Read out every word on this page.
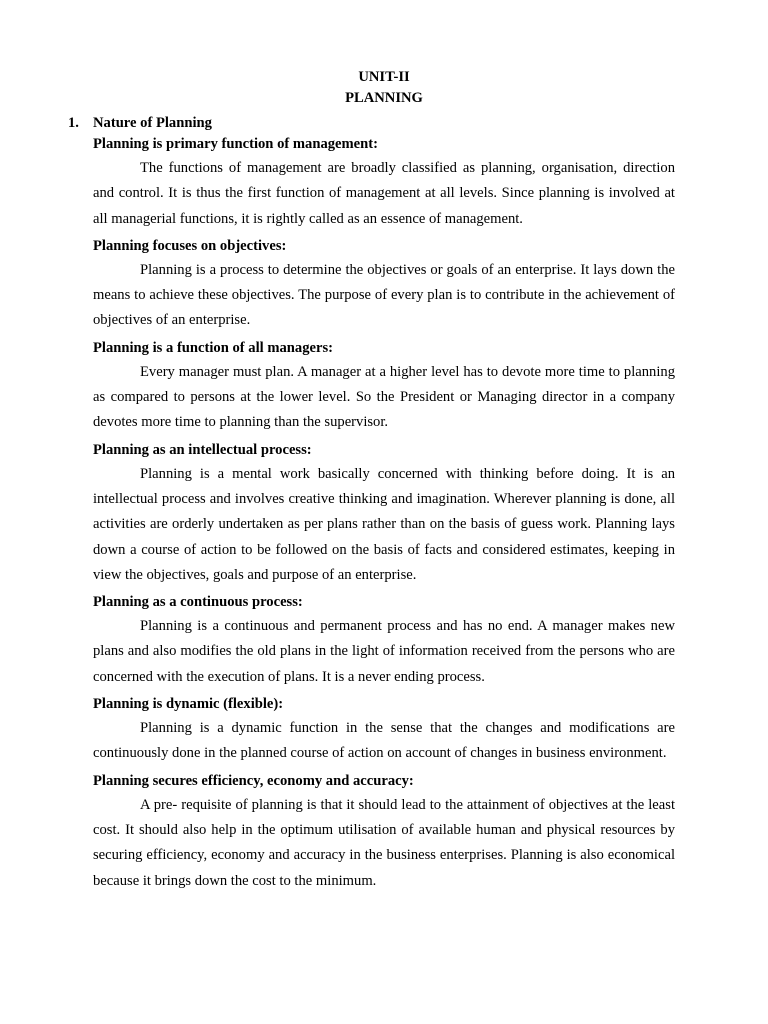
UNIT-II
PLANNING
1. Nature of Planning
Planning is primary function of management:

The functions of management are broadly classified as planning, organisation, direction and control. It is thus the first function of management at all levels. Since planning is involved at all managerial functions, it is rightly called as an essence of management.

Planning focuses on objectives:

Planning is a process to determine the objectives or goals of an enterprise. It lays down the means to achieve these objectives. The purpose of every plan is to contribute in the achievement of objectives of an enterprise.

Planning is a function of all managers:

Every manager must plan. A manager at a higher level has to devote more time to planning as compared to persons at the lower level. So the President or Managing director in a company devotes more time to planning than the supervisor.

Planning as an intellectual process:

Planning is a mental work basically concerned with thinking before doing. It is an intellectual process and involves creative thinking and imagination. Wherever planning is done, all activities are orderly undertaken as per plans rather than on the basis of guess work. Planning lays down a course of action to be followed on the basis of facts and considered estimates, keeping in view the objectives, goals and purpose of an enterprise.

Planning as a continuous process:

Planning is a continuous and permanent process and has no end. A manager makes new plans and also modifies the old plans in the light of information received from the persons who are concerned with the execution of plans. It is a never ending process.

Planning is dynamic (flexible):

Planning is a dynamic function in the sense that the changes and modifications are continuously done in the planned course of action on account of changes in business environment.

Planning secures efficiency, economy and accuracy:

A pre- requisite of planning is that it should lead to the attainment of objectives at the least cost. It should also help in the optimum utilisation of available human and physical resources by securing efficiency, economy and accuracy in the business enterprises. Planning is also economical because it brings down the cost to the minimum.
